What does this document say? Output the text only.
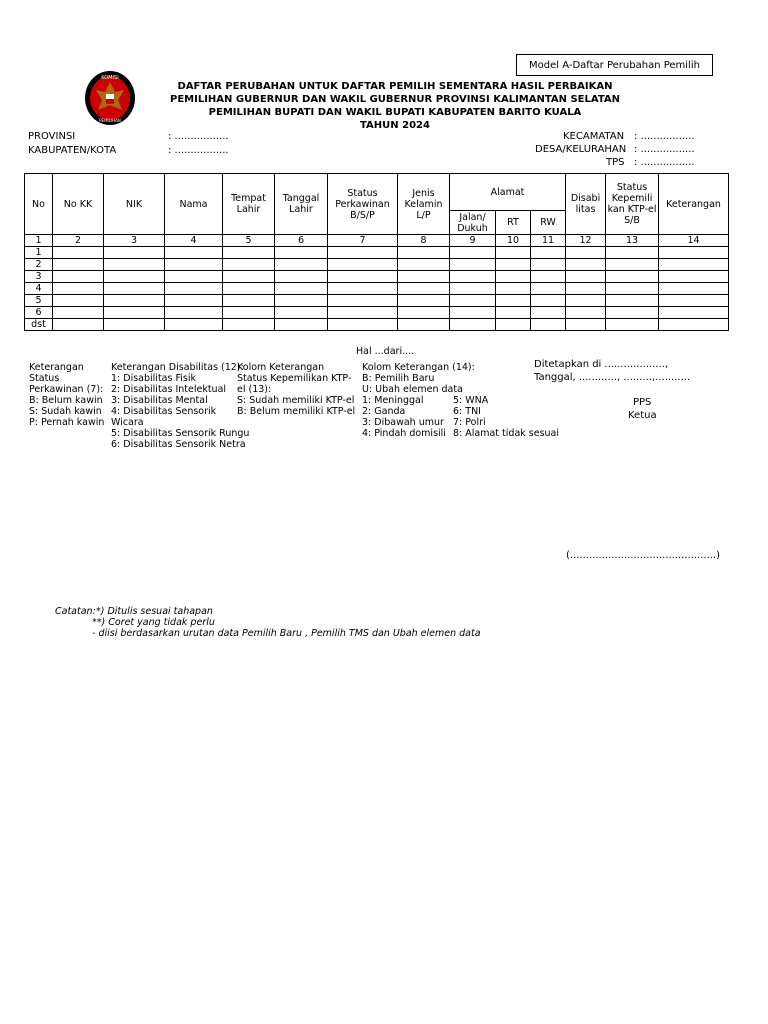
Model A-Daftar Perubahan Pemilih
KOMISI
PEMILIHAN
DAFTAR PERUBAHAN UNTUK DAFTAR PEMILIH SEMENTARA HASIL PERBAIKAN
PEMILIHAN GUBERNUR DAN WAKIL GUBERNUR PROVINSI KALIMANTAN SELATAN
PEMILIHAN BUPATI DAN WAKIL BUPATI KABUPATEN BARITO KUALA
TAHUN 2024
PROVINSI	: .................
KABUPATEN/KOTA	: .................
KECAMATAN : .................
DESA/KELURAHAN : .................
TPS : .................
No	No KK	NIK	Nama	Tempat Lahir	Tanggal Lahir	Status Perkawinan B/S/P	Jenis Kelamin L/P	Alamat			Disabi litas	Status Kepemili kan KTP-el S/B	Keterangan
								Jalan/ Dukuh	RT	RW			
1	2	3	4	5	6	7	8	9	10	11	12	13	14
1													
2													
3													
4													
5													
6													
dst													
Hal ...dari....
Keterangan Status Perkawinan (7):
B: Belum kawin
S: Sudah kawin
P: Pernah kawin
Keterangan Disabilitas (12):
1: Disabilitas Fisik
2: Disabilitas Intelektual
3: Disabilitas Mental
4: Disabilitas Sensorik Wicara
5: Disabilitas Sensorik Rungu
6: Disabilitas Sensorik Netra
Kolom Keterangan Status Kepemilikan KTP-el (13):
S: Sudah memiliki KTP-el
B: Belum memiliki KTP-el
Kolom Keterangan (14):
B: Pemilih Baru
U: Ubah elemen data
1: Meninggal
2: Ganda
3: Dibawah umur
4: Pindah domisili
5: WNA
6: TNI
7: Polri
8: Alamat tidak sesuai
Ditetapkan di ...................,
Tanggal, ............, .........,...........
PPS
Ketua
(..............................................)
Catatan: *) Ditulis sesuai tahapan
**) Coret yang tidak perlu
- diisi berdasarkan urutan data Pemilih Baru , Pemilih TMS dan Ubah elemen data
